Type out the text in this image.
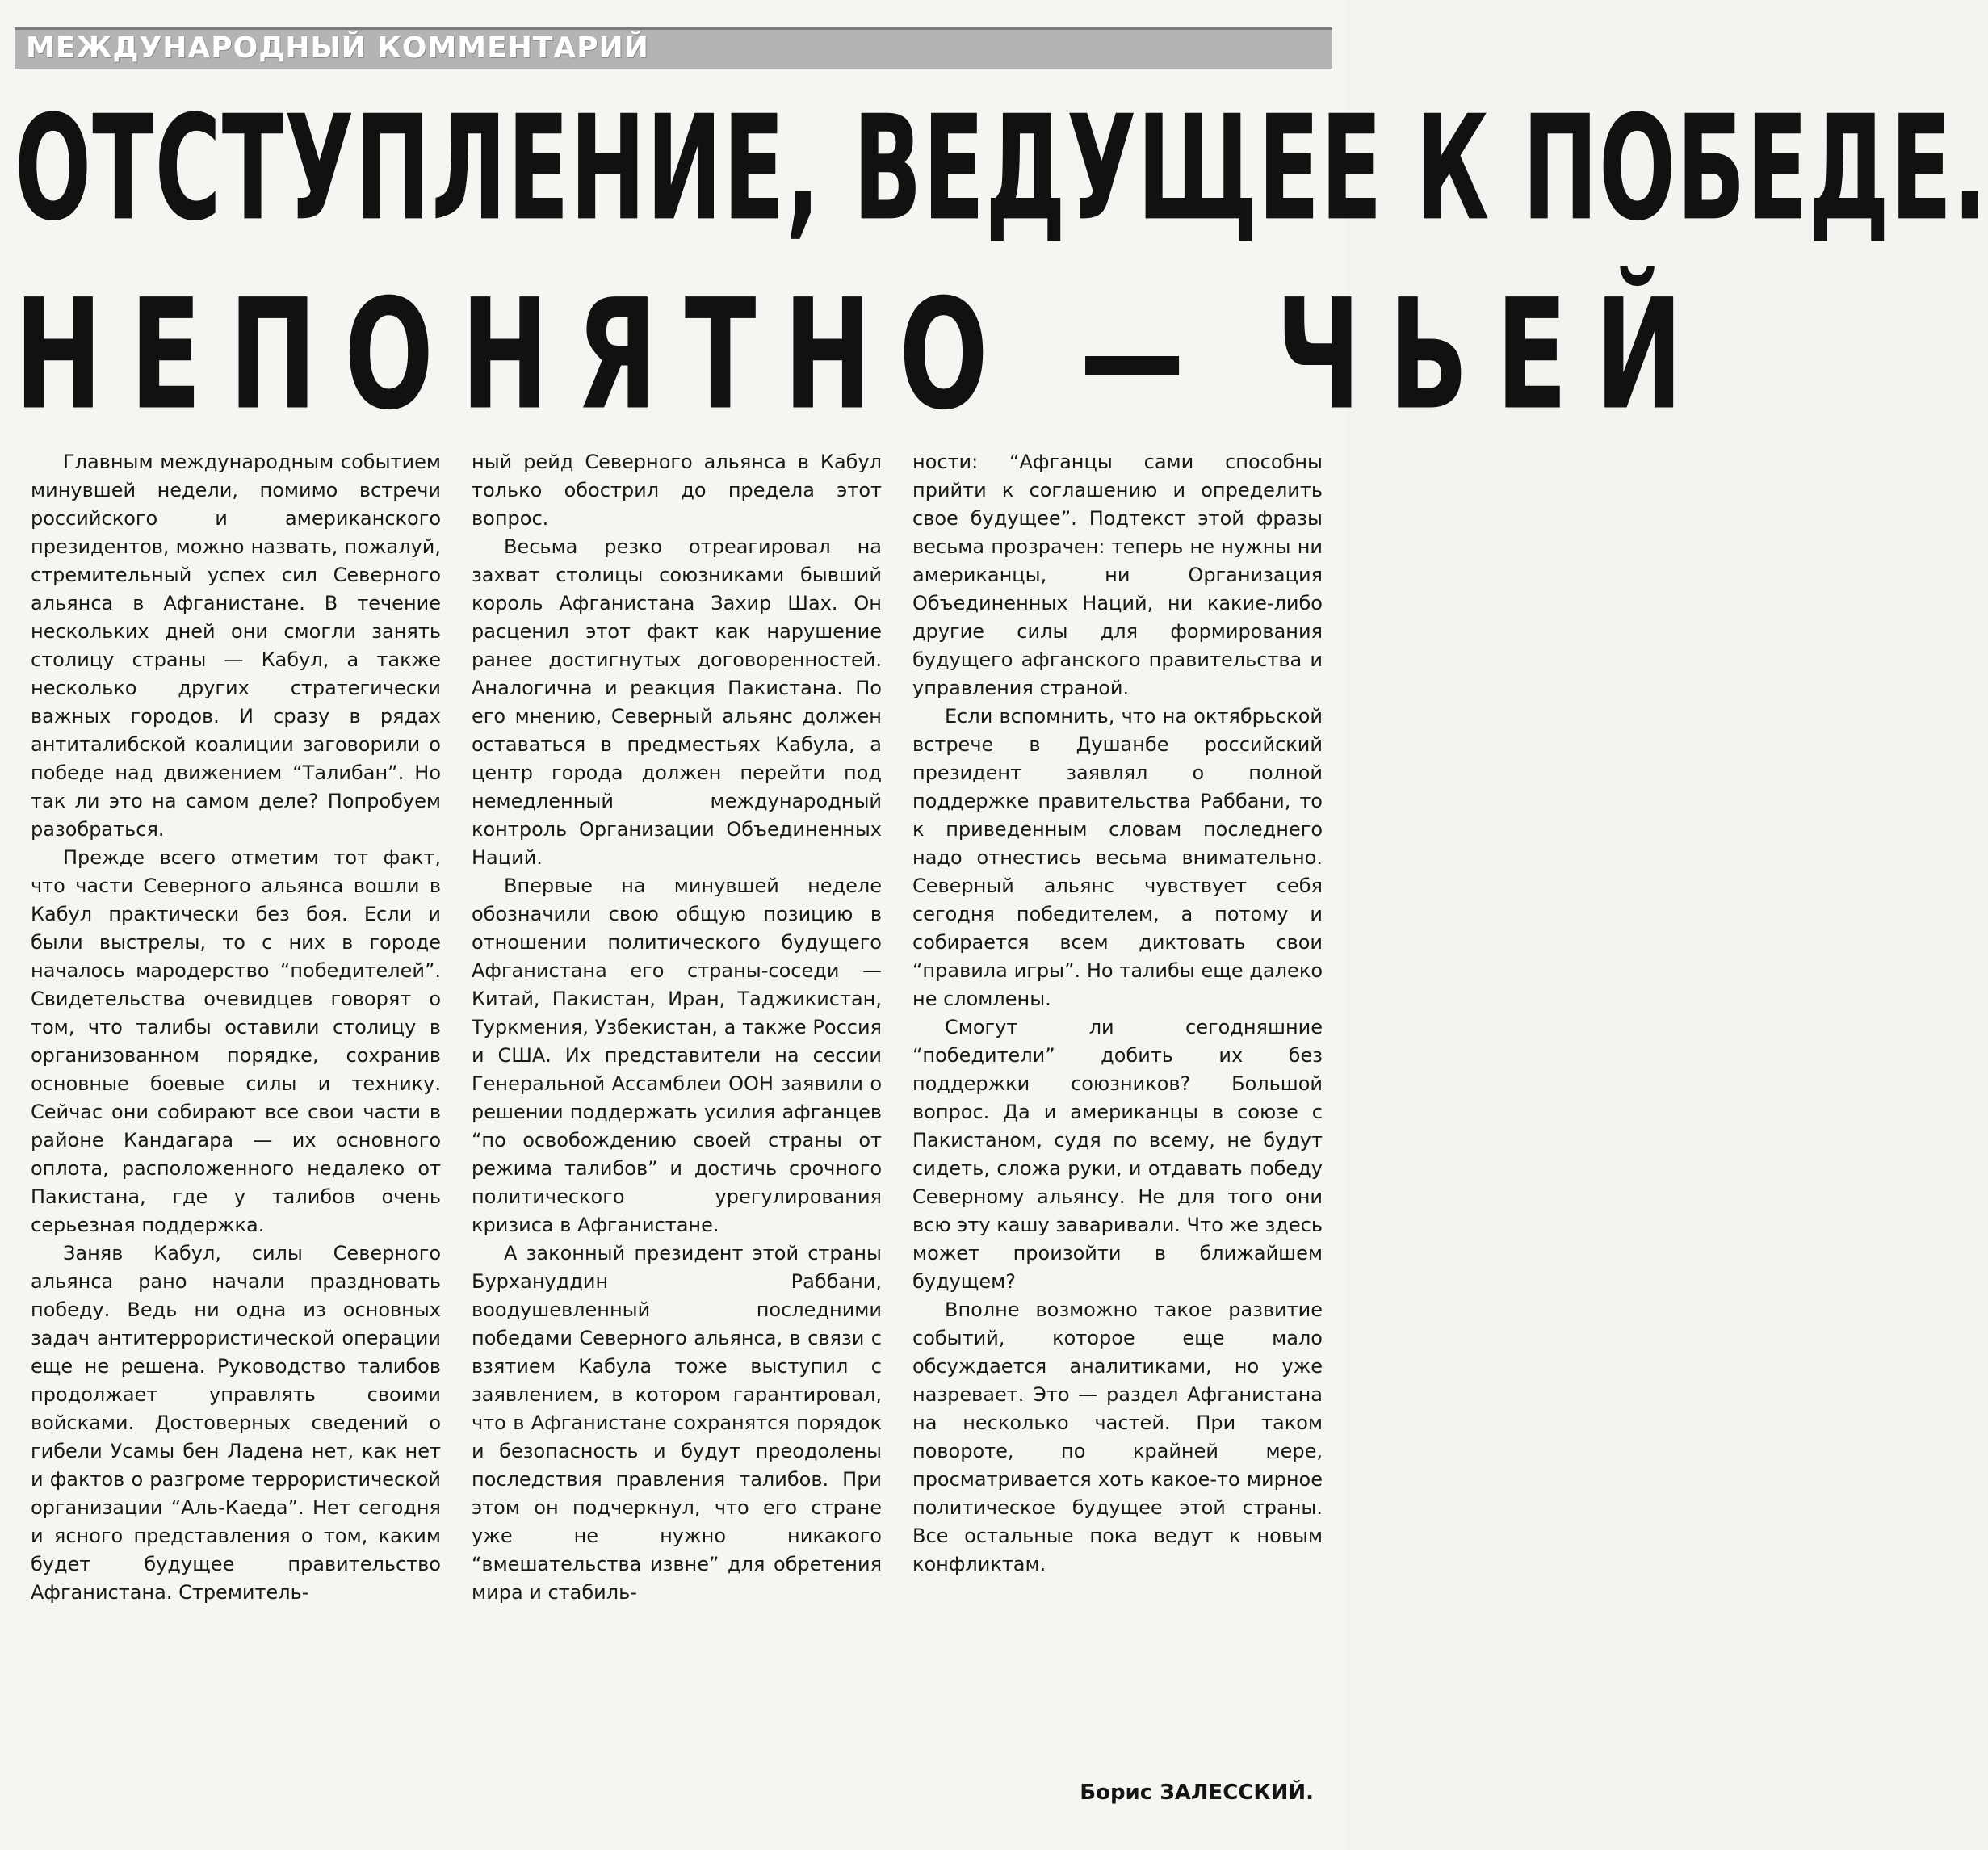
МЕЖДУНАРОДНЫЙ КОММЕНТАРИЙ
ОТСТУПЛЕНИЕ, ВЕДУЩЕЕ К ПОБЕДЕ.
НЕПОНЯТНО — ЧЬЕЙ

Главным международным событием минувшей недели, помимо встречи российского и американского президентов, можно назвать, пожалуй, стремительный успех сил Северного альянса в Афганистане. В течение нескольких дней они смогли занять столицу страны — Кабул, а также несколько других стратегически важных городов. И сразу в рядах антиталибской коалиции заговорили о победе над движением “Талибан”. Но так ли это на самом деле? Попробуем разобраться.

Прежде всего отметим тот факт, что части Северного альянса вошли в Кабул практически без боя. Если и были выстрелы, то с них в городе началось мародерство “победителей”. Свидетельства очевидцев говорят о том, что талибы оставили столицу в организованном порядке, сохранив основные боевые силы и технику. Сейчас они собирают все свои части в районе Кандагара — их основного оплота, расположенного недалеко от Пакистана, где у талибов очень серьезная поддержка.

Заняв Кабул, силы Северного альянса рано начали праздновать победу. Ведь ни одна из основных задач антитеррористической операции еще не решена. Руководство талибов продолжает управлять своими войсками. Достоверных сведений о гибели Усамы бен Ладена нет, как нет и фактов о разгроме террористической организации “Аль-Каеда”. Нет сегодня и ясного представления о том, каким будет будущее правительство Афганистана. Стремитель-

ный рейд Северного альянса в Кабул только обострил до предела этот вопрос.

Весьма резко отреагировал на захват столицы союзниками бывший король Афганистана Захир Шах. Он расценил этот факт как нарушение ранее достигнутых договоренностей. Аналогична и реакция Пакистана. По его мнению, Северный альянс должен оставаться в предместьях Кабула, а центр города должен перейти под немедленный международный контроль Организации Объединенных Наций.

Впервые на минувшей неделе обозначили свою общую позицию в отношении политического будущего Афганистана его страны-соседи — Китай, Пакистан, Иран, Таджикистан, Туркмения, Узбекистан, а также Россия и США. Их представители на сессии Генеральной Ассамблеи ООН заявили о решении поддержать усилия афганцев “по освобождению своей страны от режима талибов” и достичь срочного политического урегулирования кризиса в Афганистане.

А законный президент этой страны Бурхануддин Раббани, воодушевленный последними победами Северного альянса, в связи с взятием Кабула тоже выступил с заявлением, в котором гарантировал, что в Афганистане сохранятся порядок и безопасность и будут преодолены последствия правления талибов. При этом он подчеркнул, что его стране уже не нужно никакого “вмешательства извне” для обретения мира и стабиль-

ности: “Афганцы сами способны прийти к соглашению и определить свое будущее”. Подтекст этой фразы весьма прозрачен: теперь не нужны ни американцы, ни Организация Объединенных Наций, ни какие-либо другие силы для формирования будущего афганского правительства и управления страной.

Если вспомнить, что на октябрьской встрече в Душанбе российский президент заявлял о полной поддержке правительства Раббани, то к приведенным словам последнего надо отнестись весьма внимательно. Северный альянс чувствует себя сегодня победителем, а потому и собирается всем диктовать свои “правила игры”. Но талибы еще далеко не сломлены.

Смогут ли сегодняшние “победители” добить их без поддержки союзников? Большой вопрос. Да и американцы в союзе с Пакистаном, судя по всему, не будут сидеть, сложа руки, и отдавать победу Северному альянсу. Не для того они всю эту кашу заваривали. Что же здесь может произойти в ближайшем будущем?

Вполне возможно такое развитие событий, которое еще мало обсуждается аналитиками, но уже назревает. Это — раздел Афганистана на несколько частей. При таком повороте, по крайней мере, просматривается хоть какое-то мирное политическое будущее этой страны. Все остальные пока ведут к новым конфликтам.

Борис ЗАЛЕССКИЙ.
